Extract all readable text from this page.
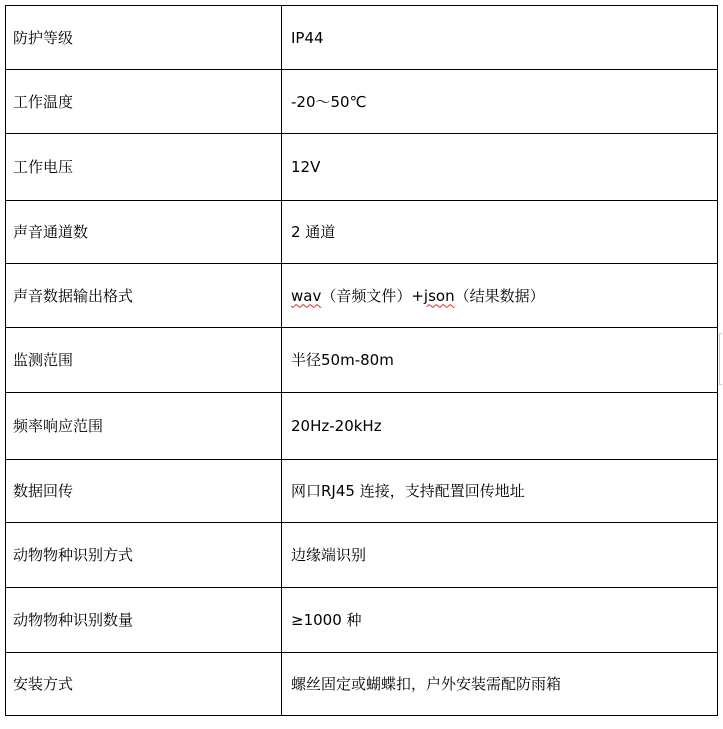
防护等级	IP44
工作温度	-20～50℃
工作电压	12V
声音通道数	2 通道
声音数据输出格式	wav（音频文件）+json（结果数据）
监测范围	半径50m-80m
频率响应范围	20Hz-20kHz
数据回传	网口RJ45 连接，支持配置回传地址
动物物种识别方式	边缘端识别
动物物种识别数量	≥1000 种
安装方式	螺丝固定或蝴蝶扣，户外安装需配防雨箱
